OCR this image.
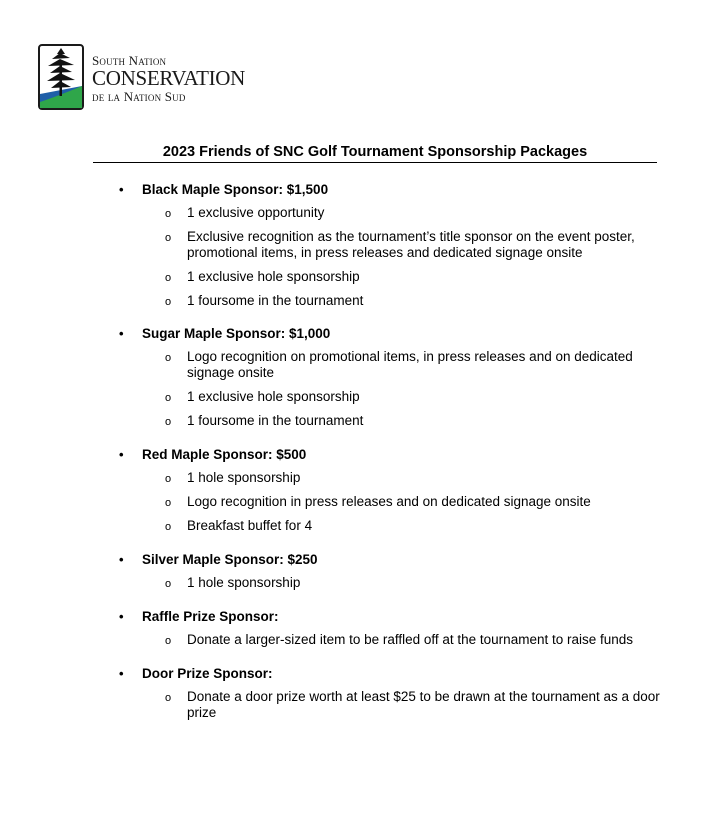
South Nation
CONSERVATION
de la Nation Sud
2023 Friends of SNC Golf Tournament Sponsorship Packages
• Black Maple Sponsor: $1,500
o 1 exclusive opportunity
o Exclusive recognition as the tournament’s title sponsor on the event poster, promotional items, in press releases and dedicated signage onsite
o 1 exclusive hole sponsorship
o 1 foursome in the tournament
• Sugar Maple Sponsor: $1,000
o Logo recognition on promotional items, in press releases and on dedicated signage onsite
o 1 exclusive hole sponsorship
o 1 foursome in the tournament
• Red Maple Sponsor: $500
o 1 hole sponsorship
o Logo recognition in press releases and on dedicated signage onsite
o Breakfast buffet for 4
• Silver Maple Sponsor: $250
o 1 hole sponsorship
• Raffle Prize Sponsor:
o Donate a larger-sized item to be raffled off at the tournament to raise funds
• Door Prize Sponsor:
o Donate a door prize worth at least $25 to be drawn at the tournament as a door prize
